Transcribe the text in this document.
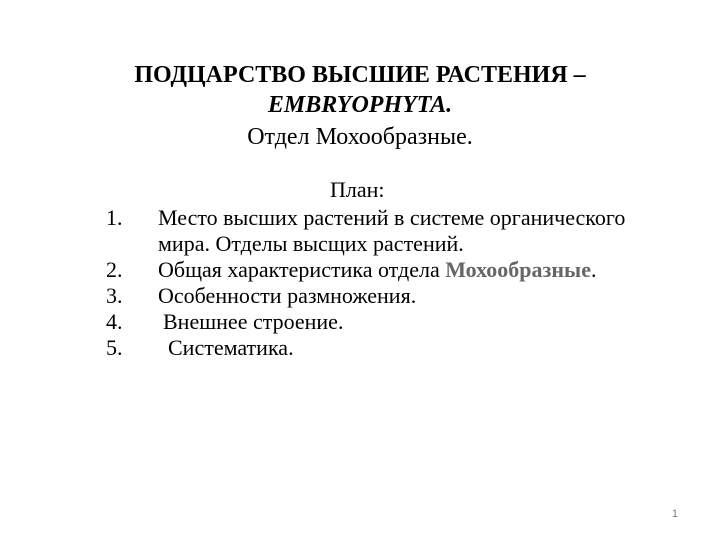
ПОДЦАРСТВО ВЫСШИЕ РАСТЕНИЯ –
EMBRYOPHYTA.
Отдел Мохообразные.
План:
1.	Место высших растений в системе органического мира. Отделы высщих растений.
2.	Общая характеристика отдела Мохообразные.
3.	Особенности размножения.
4.	Внешнее строение.
5.	Систематика.
1
